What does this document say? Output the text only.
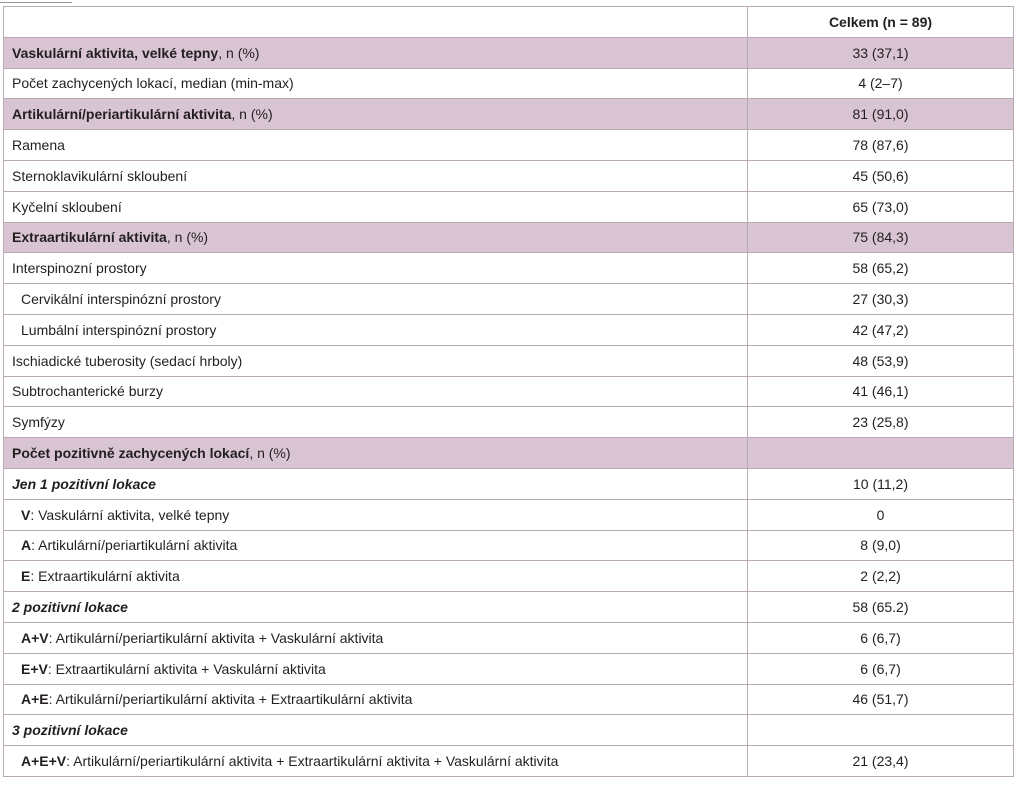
	Celkem (n = 89)
Vaskulární aktivita, velké tepny, n (%)	33 (37,1)
Počet zachycených lokací, median (min-max)	4 (2–7)
Artikulární/periartikulární aktivita, n (%)	81 (91,0)
Ramena	78 (87,6)
Sternoklavikulární skloubení	45 (50,6)
Kyčelní skloubení	65 (73,0)
Extraartikulární aktivita, n (%)	75 (84,3)
Interspinozní prostory	58 (65,2)
Cervikální interspinózní prostory	27 (30,3)
Lumbální interspinózní prostory	42 (47,2)
Ischiadické tuberosity (sedací hrboly)	48 (53,9)
Subtrochanterické burzy	41 (46,1)
Symfýzy	23 (25,8)
Počet pozitivně zachycených lokací, n (%)	
Jen 1 pozitivní lokace	10 (11,2)
V: Vaskulární aktivita, velké tepny	0
A: Artikulární/periartikulární aktivita	8 (9,0)
E: Extraartikulární aktivita	2 (2,2)
2 pozitivní lokace	58 (65.2)
A+V: Artikulární/periartikulární aktivita + Vaskulární aktivita	6 (6,7)
E+V: Extraartikulární aktivita + Vaskulární aktivita	6 (6,7)
A+E: Artikulární/periartikulární aktivita + Extraartikulární aktivita	46 (51,7)
3 pozitivní lokace	
A+E+V: Artikulární/periartikulární aktivita + Extraartikulární aktivita + Vaskulární aktivita	21 (23,4)
